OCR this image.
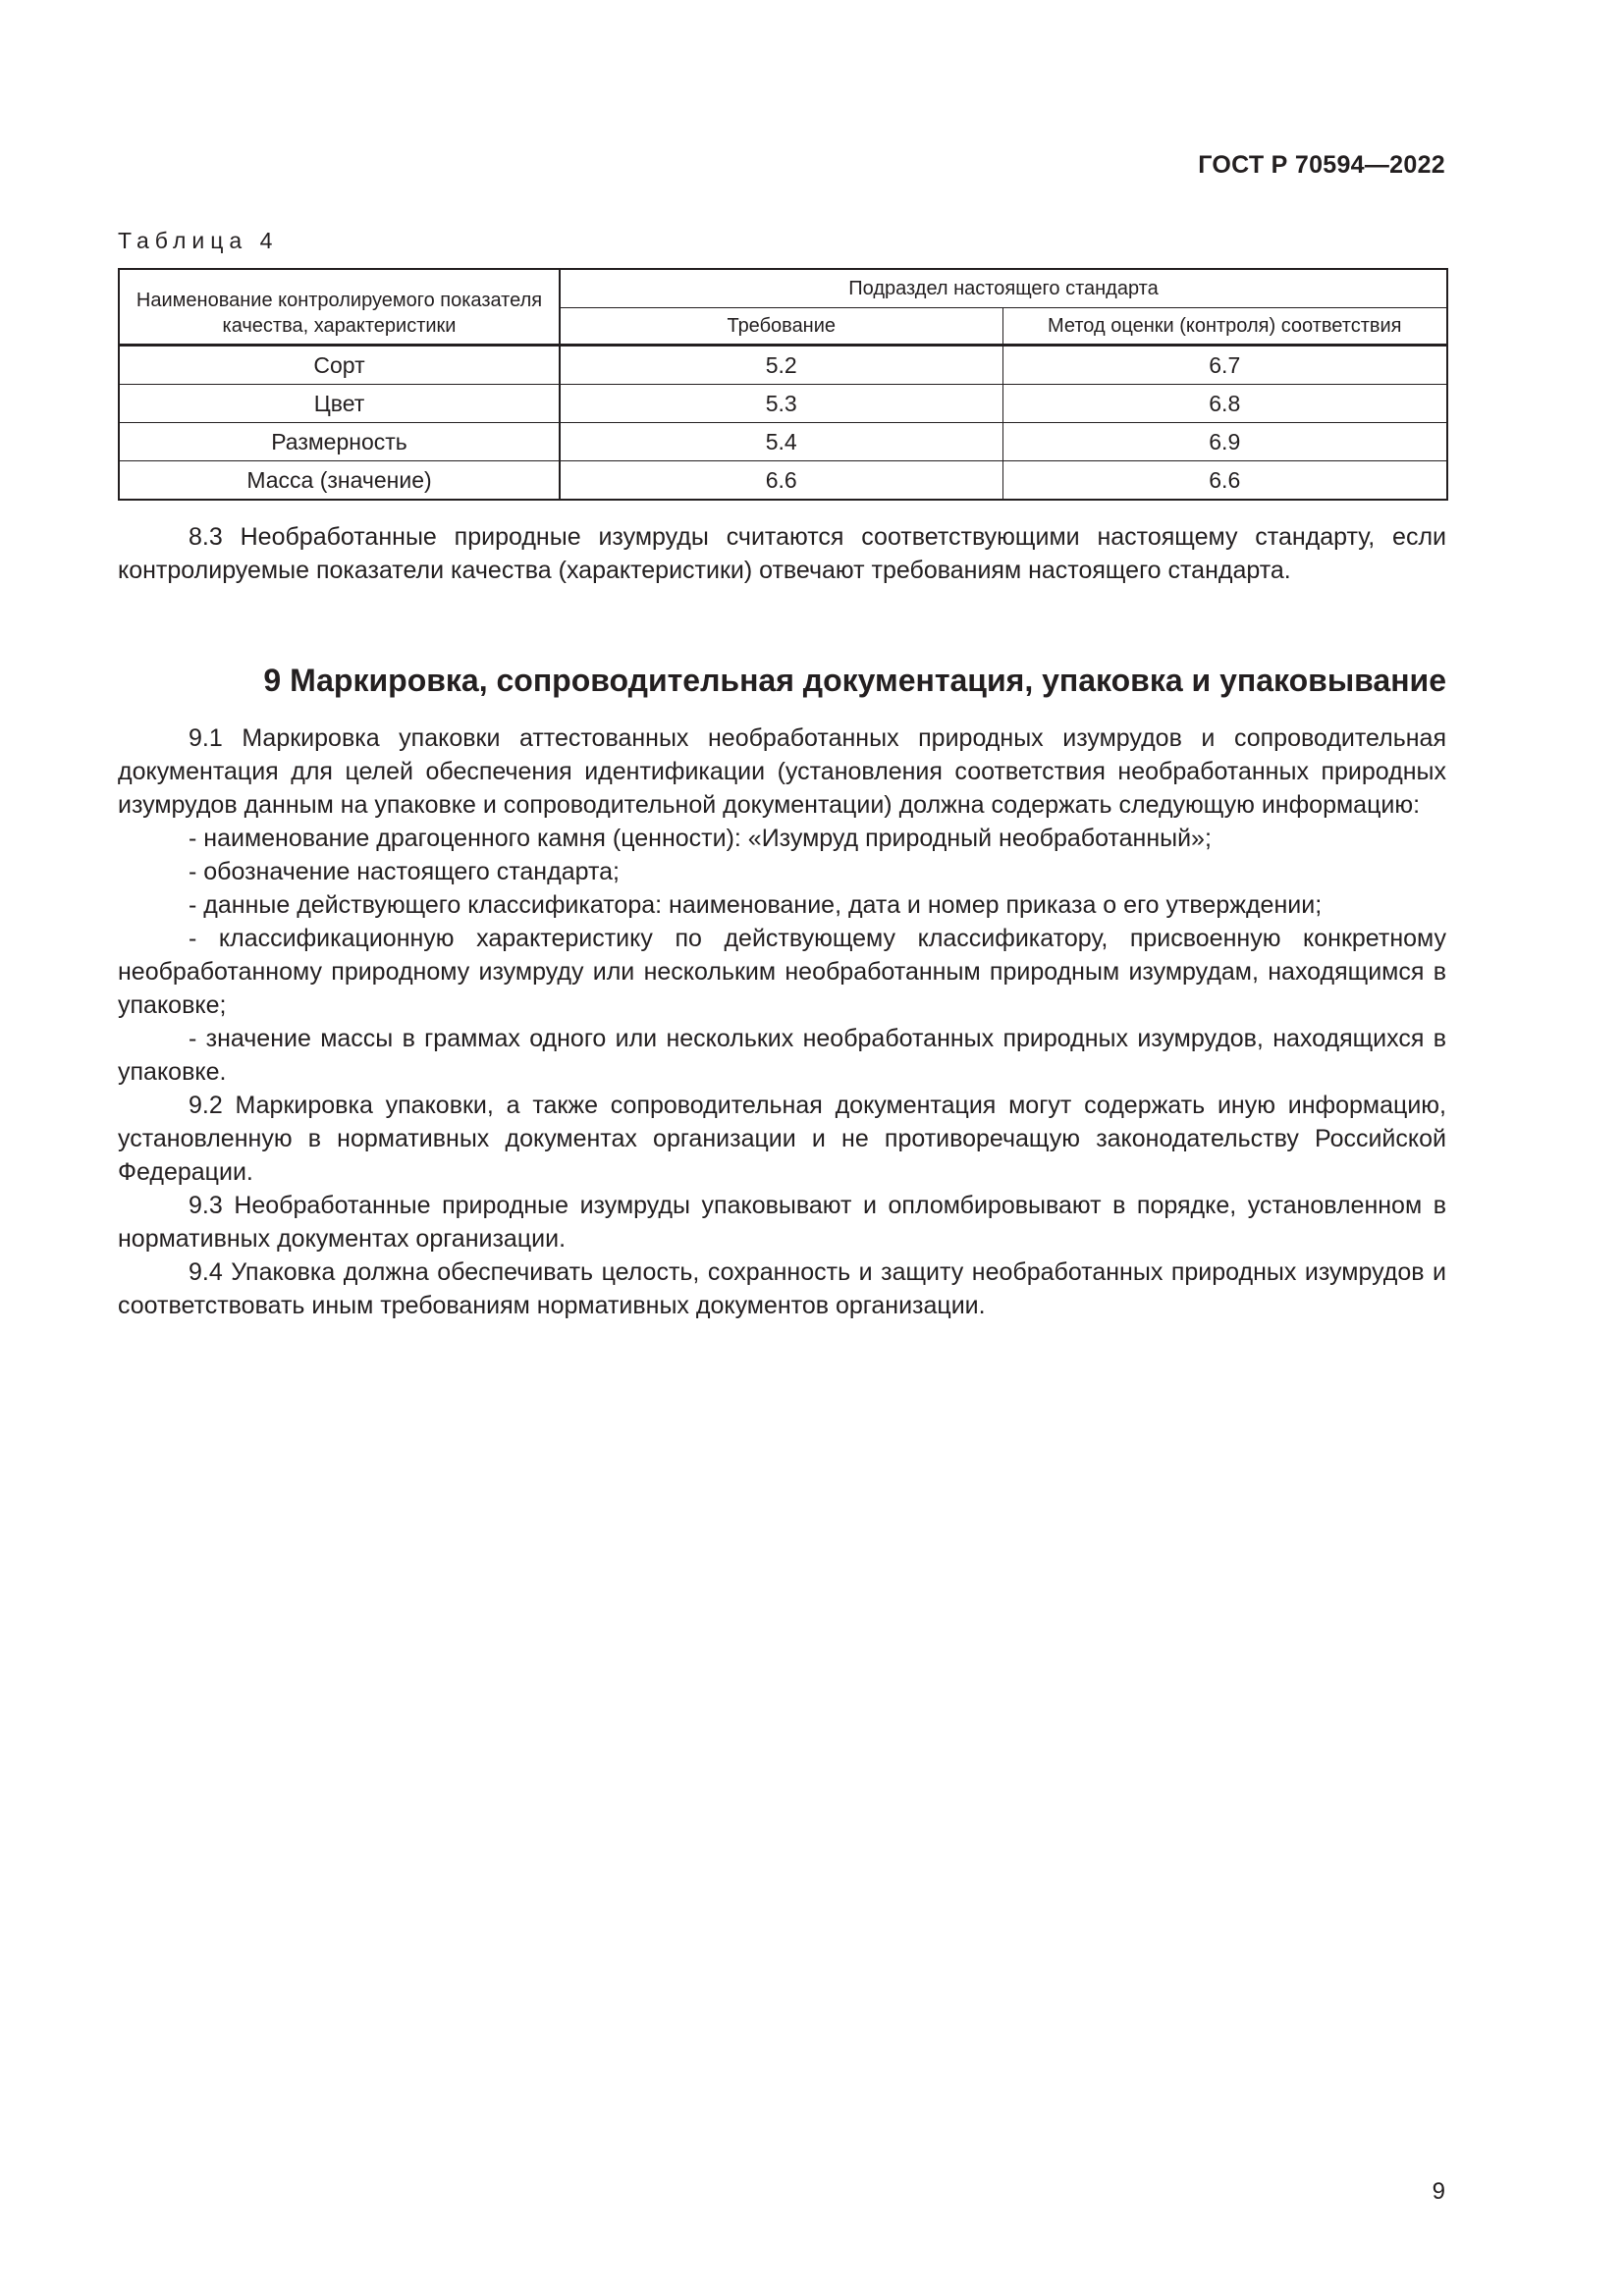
ГОСТ Р 70594—2022
Таблица 4
Наименование контролируемого показателя качества, характеристики	Подраздел настоящего стандарта	
	Требование	Метод оценки (контроля) соответствия
Сорт	5.2	6.7
Цвет	5.3	6.8
Размерность	5.4	6.9
Масса (значение)	6.6	6.6

8.3 Необработанные природные изумруды считаются соответствующими настоящему стандарту, если контролируемые показатели качества (характеристики) отвечают требованиям настоящего стандарта.

9 Маркировка, сопроводительная документация, упаковка и упаковывание

9.1 Маркировка упаковки аттестованных необработанных природных изумрудов и сопроводительная документация для целей обеспечения идентификации (установления соответствия необработанных природных изумрудов данным на упаковке и сопроводительной документации) должна содержать следующую информацию:

- наименование драгоценного камня (ценности): «Изумруд природный необработанный»;

- обозначение настоящего стандарта;

- данные действующего классификатора: наименование, дата и номер приказа о его утверждении;

- классификационную характеристику по действующему классификатору, присвоенную конкретному необработанному природному изумруду или нескольким необработанным природным изумрудам, находящимся в упаковке;

- значение массы в граммах одного или нескольких необработанных природных изумрудов, находящихся в упаковке.

9.2 Маркировка упаковки, а также сопроводительная документация могут содержать иную информацию, установленную в нормативных документах организации и не противоречащую законодательству Российской Федерации.

9.3 Необработанные природные изумруды упаковывают и опломбировывают в порядке, установленном в нормативных документах организации.

9.4 Упаковка должна обеспечивать целость, сохранность и защиту необработанных природных изумрудов и соответствовать иным требованиям нормативных документов организации.

9
